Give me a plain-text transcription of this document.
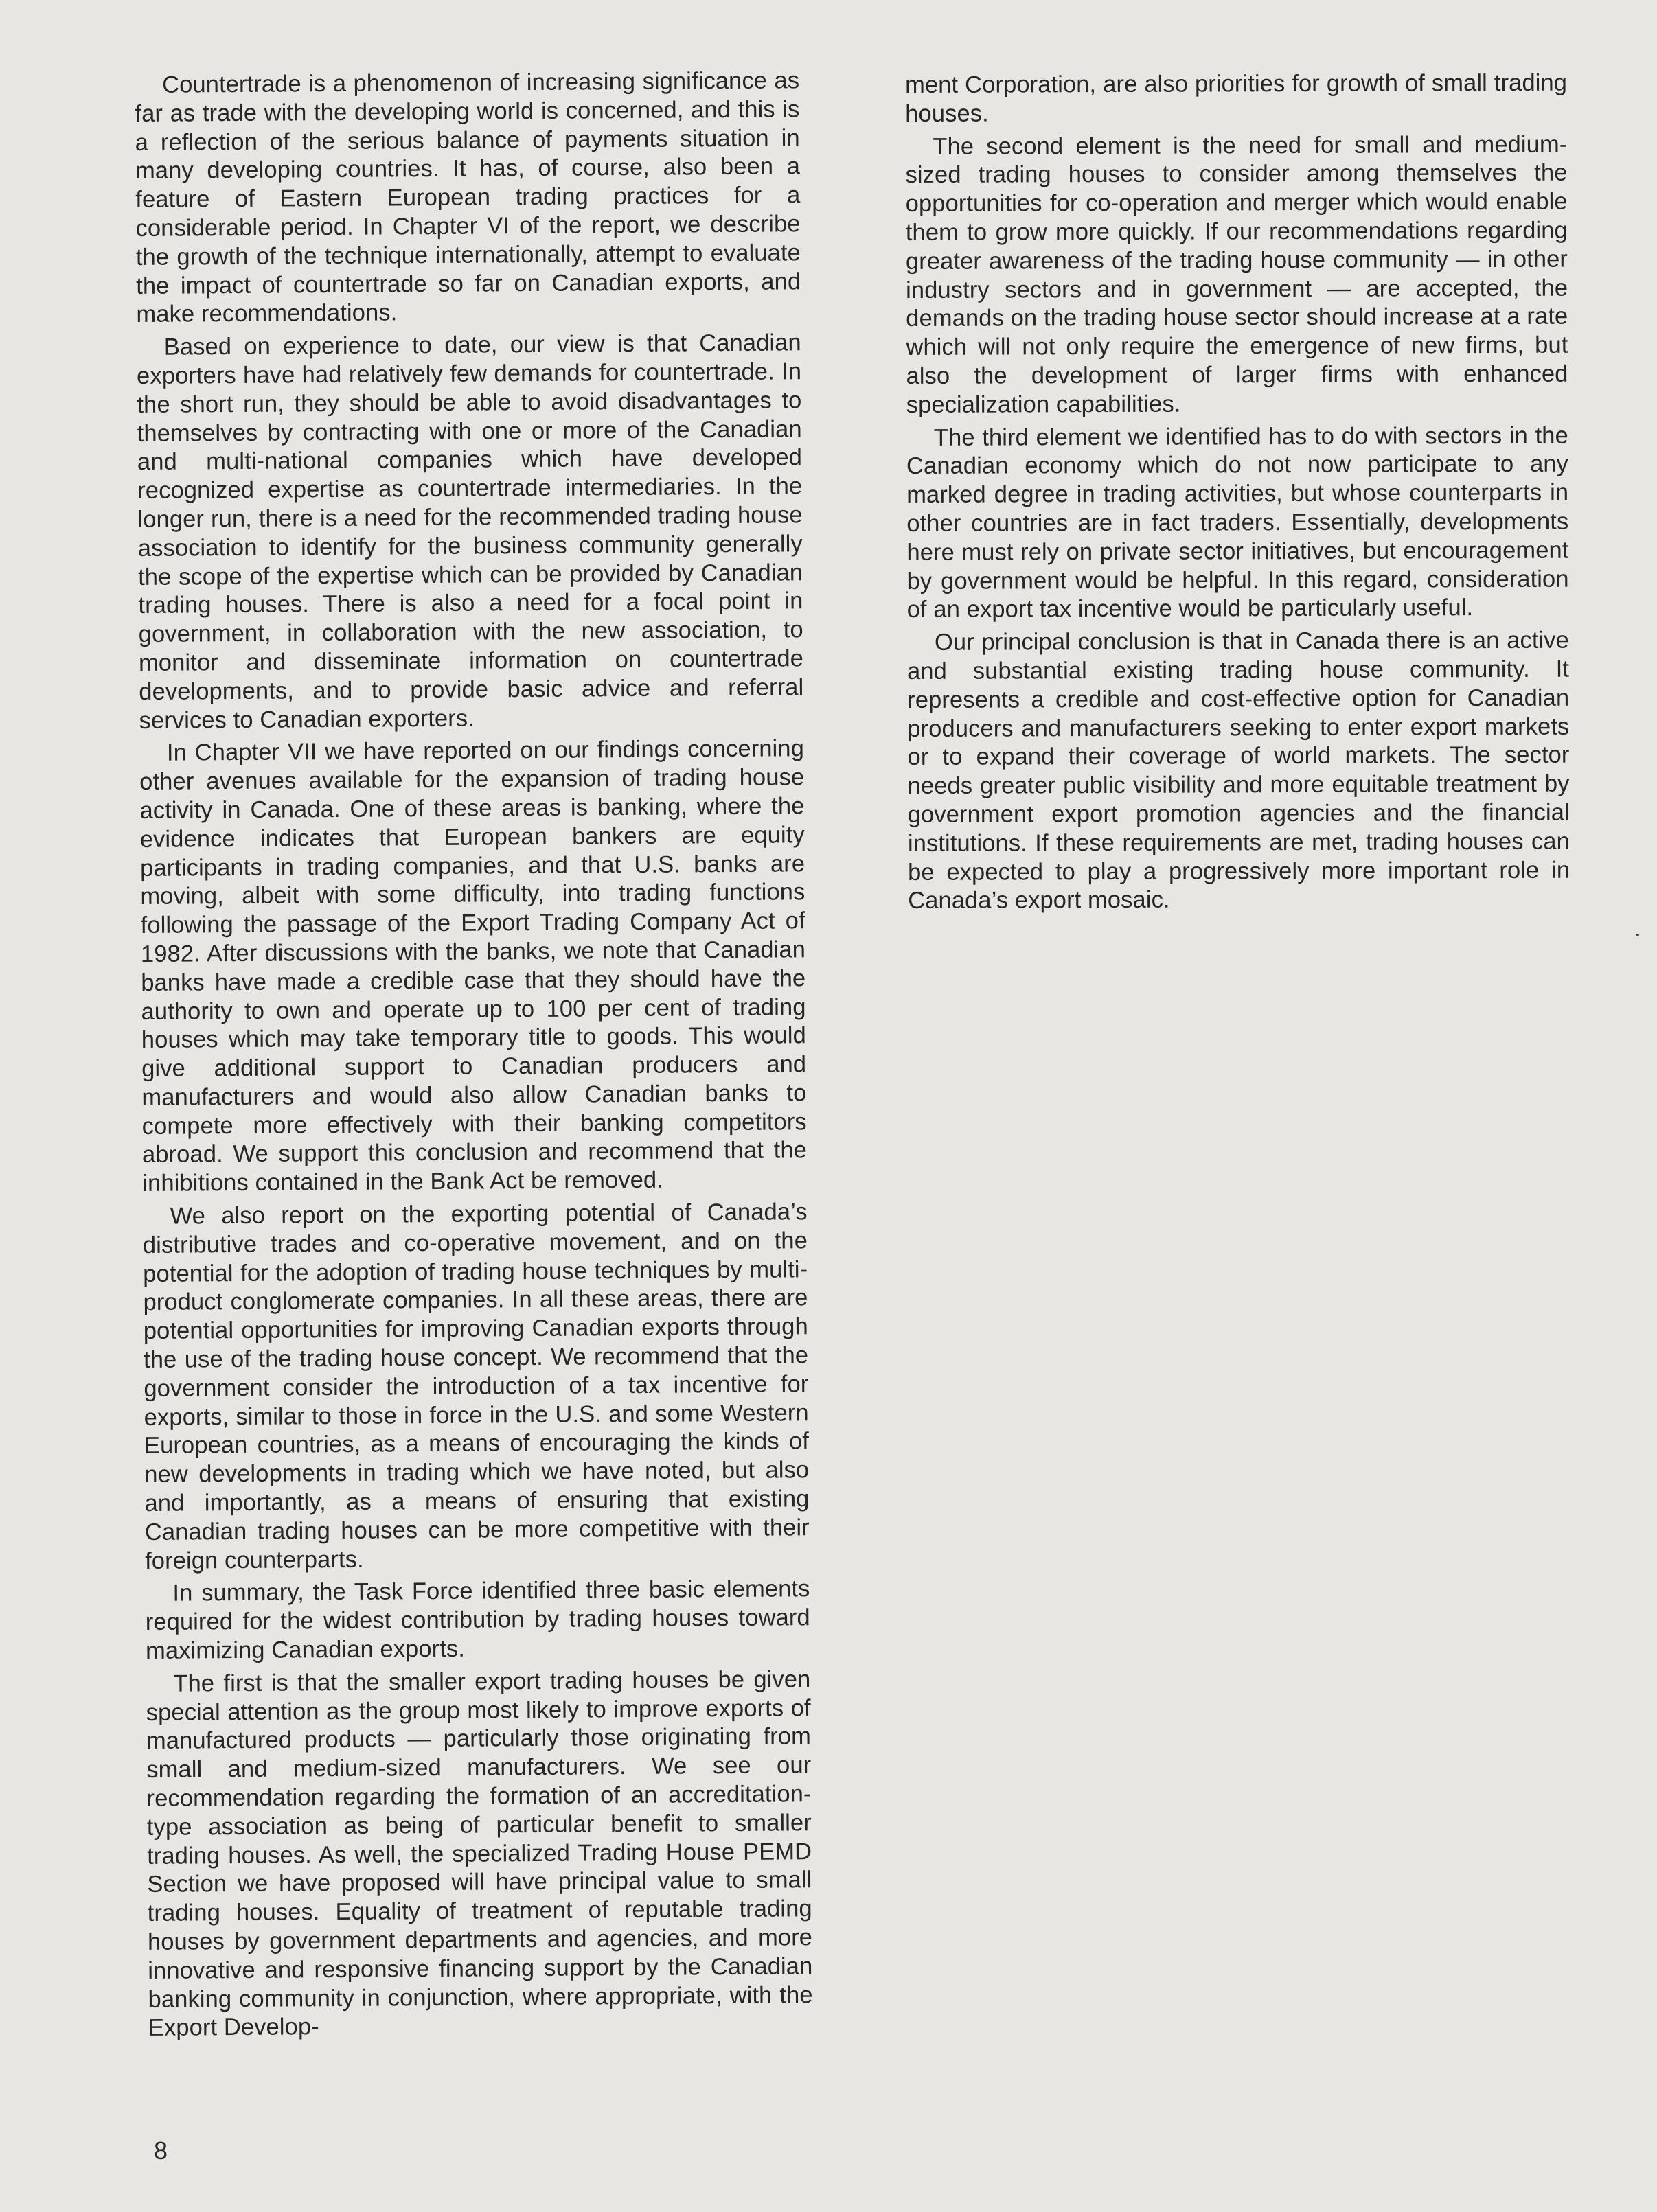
Countertrade is a phenomenon of increasing significance as far as trade with the developing world is concerned, and this is a reflection of the serious balance of payments situation in many developing countries. It has, of course, also been a feature of Eastern European trading practices for a considerable period. In Chapter VI of the report, we describe the growth of the technique internationally, attempt to evaluate the impact of countertrade so far on Canadian exports, and make recommendations.

Based on experience to date, our view is that Canadian exporters have had relatively few demands for countertrade. In the short run, they should be able to avoid disadvantages to themselves by contracting with one or more of the Canadian and multi-national companies which have developed recognized expertise as countertrade intermediaries. In the longer run, there is a need for the recommended trading house association to identify for the business community generally the scope of the expertise which can be provided by Canadian trading houses. There is also a need for a focal point in government, in collaboration with the new association, to monitor and disseminate information on countertrade developments, and to provide basic advice and referral services to Canadian exporters.

In Chapter VII we have reported on our findings concerning other avenues available for the expansion of trading house activity in Canada. One of these areas is banking, where the evidence indicates that European bankers are equity participants in trading companies, and that U.S. banks are moving, albeit with some difficulty, into trading functions following the passage of the Export Trading Company Act of 1982. After discussions with the banks, we note that Canadian banks have made a credible case that they should have the authority to own and operate up to 100 per cent of trading houses which may take temporary title to goods. This would give additional support to Canadian producers and manufacturers and would also allow Canadian banks to compete more effectively with their banking competitors abroad. We support this conclusion and recommend that the inhibitions contained in the Bank Act be removed.

We also report on the exporting potential of Canada’s distributive trades and co-operative movement, and on the potential for the adoption of trading house techniques by multi-product conglomerate companies. In all these areas, there are potential opportunities for improving Canadian exports through the use of the trading house concept. We recommend that the government consider the introduction of a tax incentive for exports, similar to those in force in the U.S. and some Western European countries, as a means of encouraging the kinds of new developments in trading which we have noted, but also and importantly, as a means of ensuring that existing Canadian trading houses can be more competitive with their foreign counterparts.

In summary, the Task Force identified three basic elements required for the widest contribution by trading houses toward maximizing Canadian exports.

The first is that the smaller export trading houses be given special attention as the group most likely to improve exports of manufactured products — particularly those originating from small and medium-sized manufacturers. We see our recommendation regarding the formation of an accreditation-type association as being of particular benefit to smaller trading houses. As well, the specialized Trading House PEMD Section we have proposed will have principal value to small trading houses. Equality of treatment of reputable trading houses by government departments and agencies, and more innovative and responsive financing support by the Canadian banking community in conjunction, where appropriate, with the Export Develop-

ment Corporation, are also priorities for growth of small trading houses.

The second element is the need for small and medium-sized trading houses to consider among themselves the opportunities for co-operation and merger which would enable them to grow more quickly. If our recommendations regarding greater awareness of the trading house community — in other industry sectors and in government — are accepted, the demands on the trading house sector should increase at a rate which will not only require the emergence of new firms, but also the development of larger firms with enhanced specialization capabilities.

The third element we identified has to do with sectors in the Canadian economy which do not now participate to any marked degree in trading activities, but whose counterparts in other countries are in fact traders. Essentially, developments here must rely on private sector initiatives, but encouragement by government would be helpful. In this regard, consideration of an export tax incentive would be particularly useful.

Our principal conclusion is that in Canada there is an active and substantial existing trading house community. It represents a credible and cost-effective option for Canadian producers and manufacturers seeking to enter export markets or to expand their coverage of world markets. The sector needs greater public visibility and more equitable treatment by government export promotion agencies and the financial institutions. If these requirements are met, trading houses can be expected to play a progressively more important role in Canada’s export mosaic.

8
